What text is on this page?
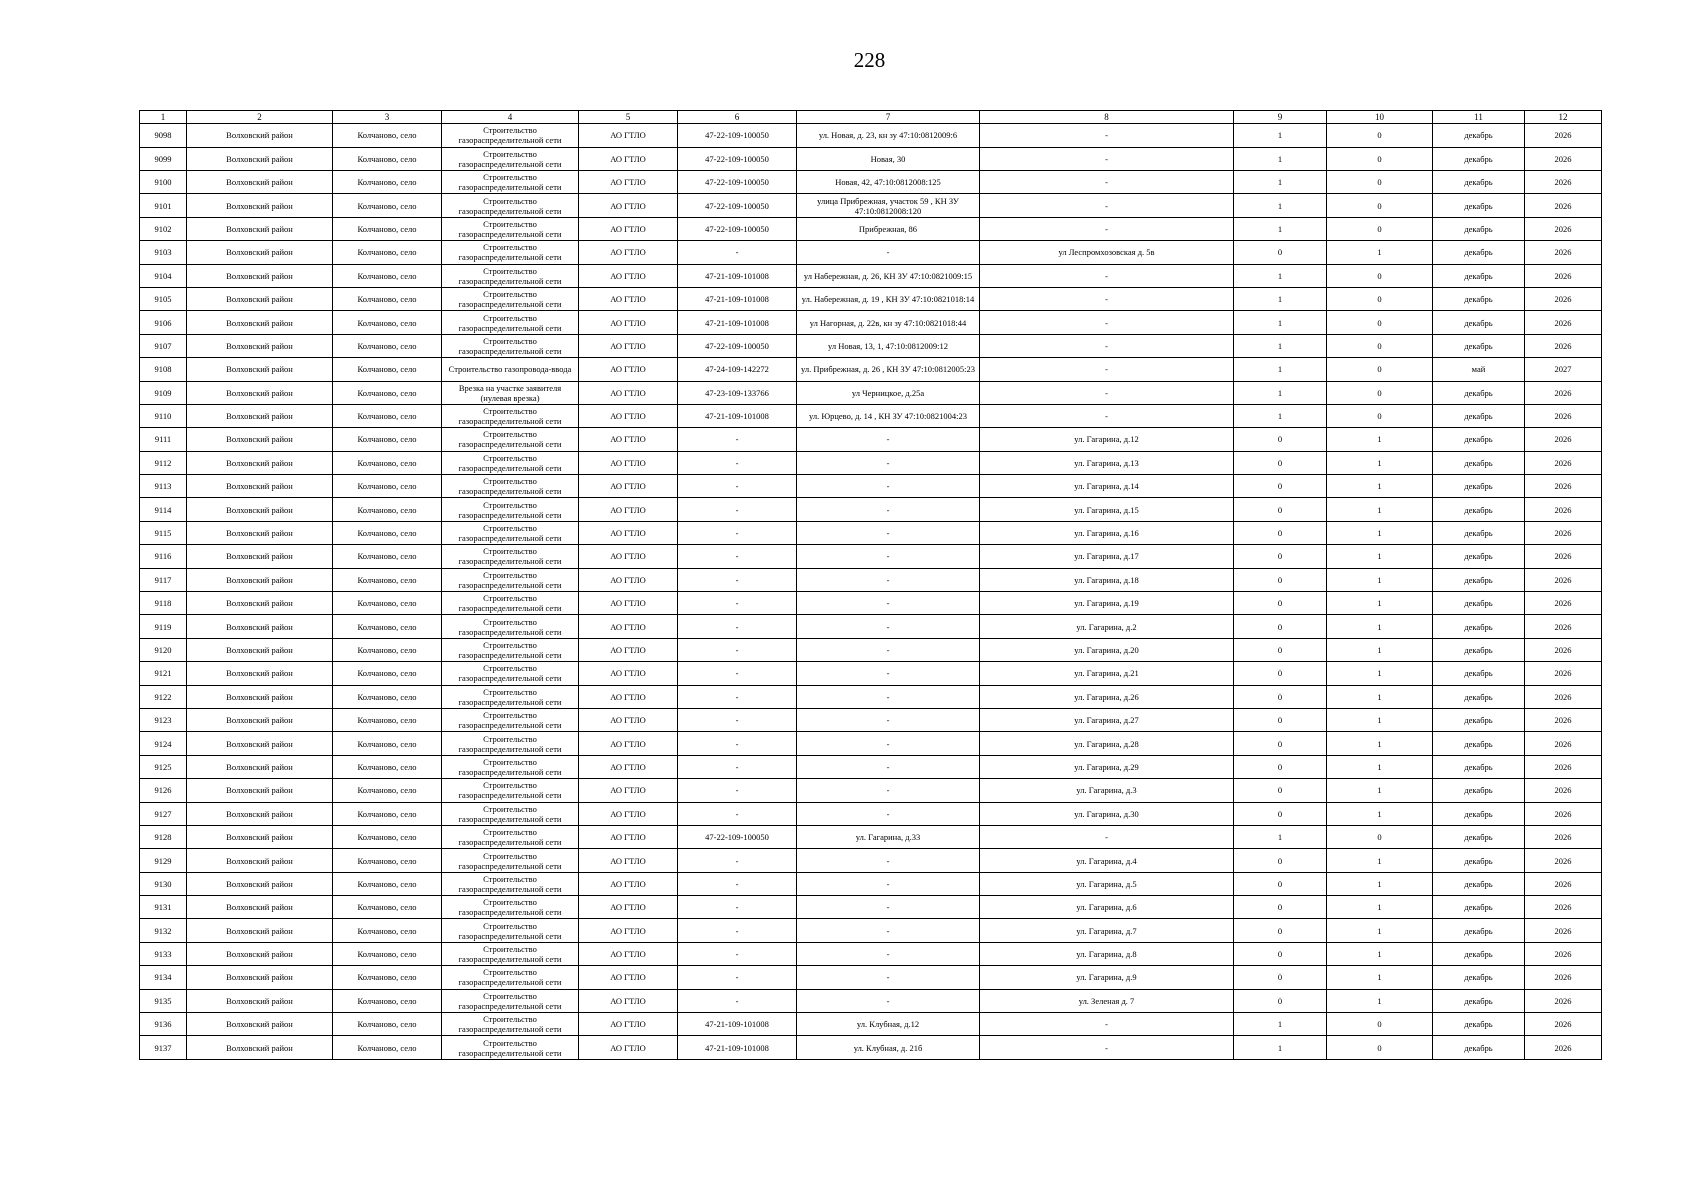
228
1	2	3	4	5	6	7	8	9	10	11	12
9098	Волховский район	Колчаново, село	Строительство газораспределительной сети	АО ГТЛО	47-22-109-100050	ул. Новая, д. 23, кн зу 47:10:0812009:6	-	1	0	декабрь	2026
9099	Волховский район	Колчаново, село	Строительство газораспределительной сети	АО ГТЛО	47-22-109-100050	Новая, 30	-	1	0	декабрь	2026
9100	Волховский район	Колчаново, село	Строительство газораспределительной сети	АО ГТЛО	47-22-109-100050	Новая, 42, 47:10:0812008:125	-	1	0	декабрь	2026
9101	Волховский район	Колчаново, село	Строительство газораспределительной сети	АО ГТЛО	47-22-109-100050	улица Прибрежная, участок 59 , КН ЗУ 47:10:0812008:120	-	1	0	декабрь	2026
9102	Волховский район	Колчаново, село	Строительство газораспределительной сети	АО ГТЛО	47-22-109-100050	Прибрежная, 86	-	1	0	декабрь	2026
9103	Волховский район	Колчаново, село	Строительство газораспределительной сети	АО ГТЛО	-	-	ул Леспромхозовская д. 5в	0	1	декабрь	2026
9104	Волховский район	Колчаново, село	Строительство газораспределительной сети	АО ГТЛО	47-21-109-101008	ул Набережная, д. 26, КН ЗУ 47:10:0821009:15	-	1	0	декабрь	2026
9105	Волховский район	Колчаново, село	Строительство газораспределительной сети	АО ГТЛО	47-21-109-101008	ул. Набережная, д. 19 , КН ЗУ 47:10:0821018:14	-	1	0	декабрь	2026
9106	Волховский район	Колчаново, село	Строительство газораспределительной сети	АО ГТЛО	47-21-109-101008	ул Нагорная, д. 22в, кн зу 47:10:0821018:44	-	1	0	декабрь	2026
9107	Волховский район	Колчаново, село	Строительство газораспределительной сети	АО ГТЛО	47-22-109-100050	ул Новая, 13, 1, 47:10:0812009:12	-	1	0	декабрь	2026
9108	Волховский район	Колчаново, село	Строительство газопровода-ввода	АО ГТЛО	47-24-109-142272	ул. Прибрежная, д. 26 , КН ЗУ 47:10:0812005:23	-	1	0	май	2027
9109	Волховский район	Колчаново, село	Врезка на участке заявителя (нулевая врезка)	АО ГТЛО	47-23-109-133766	ул Черницкое, д.25а	-	1	0	декабрь	2026
9110	Волховский район	Колчаново, село	Строительство газораспределительной сети	АО ГТЛО	47-21-109-101008	ул. Юрцево, д. 14 , КН ЗУ 47:10:0821004:23	-	1	0	декабрь	2026
9111	Волховский район	Колчаново, село	Строительство газораспределительной сети	АО ГТЛО	-	-	ул. Гагарина, д.12	0	1	декабрь	2026
9112	Волховский район	Колчаново, село	Строительство газораспределительной сети	АО ГТЛО	-	-	ул. Гагарина, д.13	0	1	декабрь	2026
9113	Волховский район	Колчаново, село	Строительство газораспределительной сети	АО ГТЛО	-	-	ул. Гагарина, д.14	0	1	декабрь	2026
9114	Волховский район	Колчаново, село	Строительство газораспределительной сети	АО ГТЛО	-	-	ул. Гагарина, д.15	0	1	декабрь	2026
9115	Волховский район	Колчаново, село	Строительство газораспределительной сети	АО ГТЛО	-	-	ул. Гагарина, д.16	0	1	декабрь	2026
9116	Волховский район	Колчаново, село	Строительство газораспределительной сети	АО ГТЛО	-	-	ул. Гагарина, д.17	0	1	декабрь	2026
9117	Волховский район	Колчаново, село	Строительство газораспределительной сети	АО ГТЛО	-	-	ул. Гагарина, д.18	0	1	декабрь	2026
9118	Волховский район	Колчаново, село	Строительство газораспределительной сети	АО ГТЛО	-	-	ул. Гагарина, д.19	0	1	декабрь	2026
9119	Волховский район	Колчаново, село	Строительство газораспределительной сети	АО ГТЛО	-	-	ул. Гагарина, д.2	0	1	декабрь	2026
9120	Волховский район	Колчаново, село	Строительство газораспределительной сети	АО ГТЛО	-	-	ул. Гагарина, д.20	0	1	декабрь	2026
9121	Волховский район	Колчаново, село	Строительство газораспределительной сети	АО ГТЛО	-	-	ул. Гагарина, д.21	0	1	декабрь	2026
9122	Волховский район	Колчаново, село	Строительство газораспределительной сети	АО ГТЛО	-	-	ул. Гагарина, д.26	0	1	декабрь	2026
9123	Волховский район	Колчаново, село	Строительство газораспределительной сети	АО ГТЛО	-	-	ул. Гагарина, д.27	0	1	декабрь	2026
9124	Волховский район	Колчаново, село	Строительство газораспределительной сети	АО ГТЛО	-	-	ул. Гагарина, д.28	0	1	декабрь	2026
9125	Волховский район	Колчаново, село	Строительство газораспределительной сети	АО ГТЛО	-	-	ул. Гагарина, д.29	0	1	декабрь	2026
9126	Волховский район	Колчаново, село	Строительство газораспределительной сети	АО ГТЛО	-	-	ул. Гагарина, д.3	0	1	декабрь	2026
9127	Волховский район	Колчаново, село	Строительство газораспределительной сети	АО ГТЛО	-	-	ул. Гагарина, д.30	0	1	декабрь	2026
9128	Волховский район	Колчаново, село	Строительство газораспределительной сети	АО ГТЛО	47-22-109-100050	ул. Гагарина, д.33	-	1	0	декабрь	2026
9129	Волховский район	Колчаново, село	Строительство газораспределительной сети	АО ГТЛО	-	-	ул. Гагарина, д.4	0	1	декабрь	2026
9130	Волховский район	Колчаново, село	Строительство газораспределительной сети	АО ГТЛО	-	-	ул. Гагарина, д.5	0	1	декабрь	2026
9131	Волховский район	Колчаново, село	Строительство газораспределительной сети	АО ГТЛО	-	-	ул. Гагарина, д.6	0	1	декабрь	2026
9132	Волховский район	Колчаново, село	Строительство газораспределительной сети	АО ГТЛО	-	-	ул. Гагарина, д.7	0	1	декабрь	2026
9133	Волховский район	Колчаново, село	Строительство газораспределительной сети	АО ГТЛО	-	-	ул. Гагарина, д.8	0	1	декабрь	2026
9134	Волховский район	Колчаново, село	Строительство газораспределительной сети	АО ГТЛО	-	-	ул. Гагарина, д.9	0	1	декабрь	2026
9135	Волховский район	Колчаново, село	Строительство газораспределительной сети	АО ГТЛО	-	-	ул. Зеленая д. 7	0	1	декабрь	2026
9136	Волховский район	Колчаново, село	Строительство газораспределительной сети	АО ГТЛО	47-21-109-101008	ул. Клубная, д.12	-	1	0	декабрь	2026
9137	Волховский район	Колчаново, село	Строительство газораспределительной сети	АО ГТЛО	47-21-109-101008	ул. Клубная, д. 21б	-	1	0	декабрь	2026
